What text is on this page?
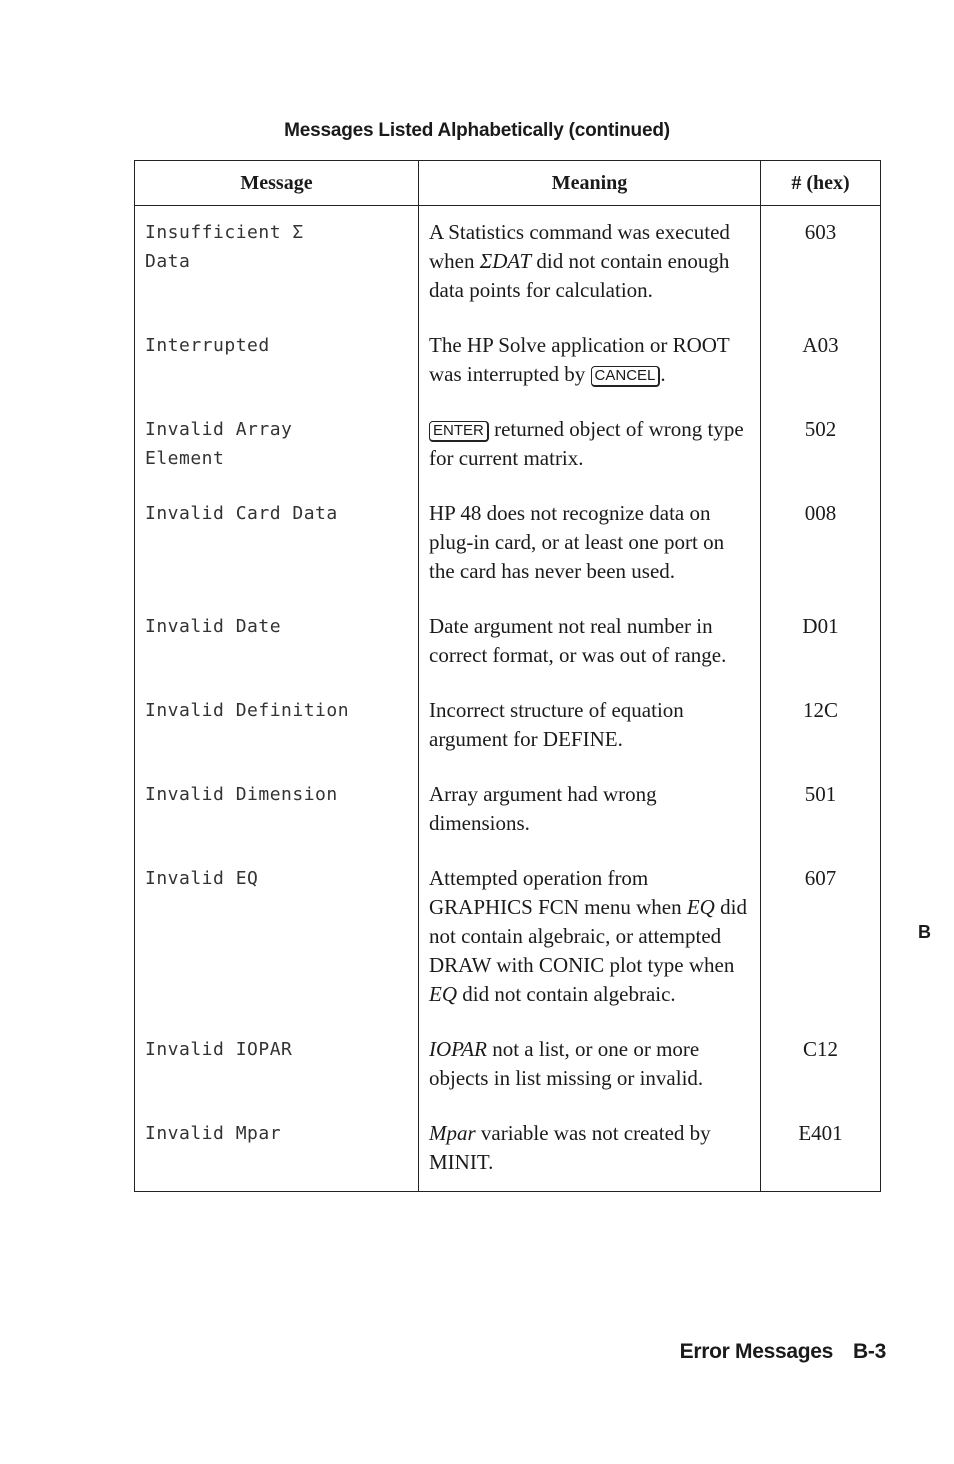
Messages Listed Alphabetically (continued)
Message	Meaning	# (hex)
Insufficient Σ
Data	A Statistics command was executed when ΣDAT did not contain enough data points for calculation.	603
Interrupted	The HP Solve application or ROOT was interrupted by CANCEL .	A03
Invalid Array
Element	ENTER returned object of wrong type for current matrix.	502
Invalid Card Data	HP 48 does not recognize data on plug-in card, or at least one port on the card has never been used.	008
Invalid Date	Date argument not real number in correct format, or was out of range.	D01
Invalid Definition	Incorrect structure of equation argument for DEFINE.	12C
Invalid Dimension	Array argument had wrong dimensions.	501
Invalid EQ	Attempted operation from GRAPHICS FCN menu when EQ did not contain algebraic, or attempted DRAW with CONIC plot type when EQ did not contain algebraic.	607
Invalid IOPAR	IOPAR not a list, or one or more objects in list missing or invalid.	C12
Invalid Mpar	Mpar variable was not created by MINIT.	E401
B
Error Messages B-3
